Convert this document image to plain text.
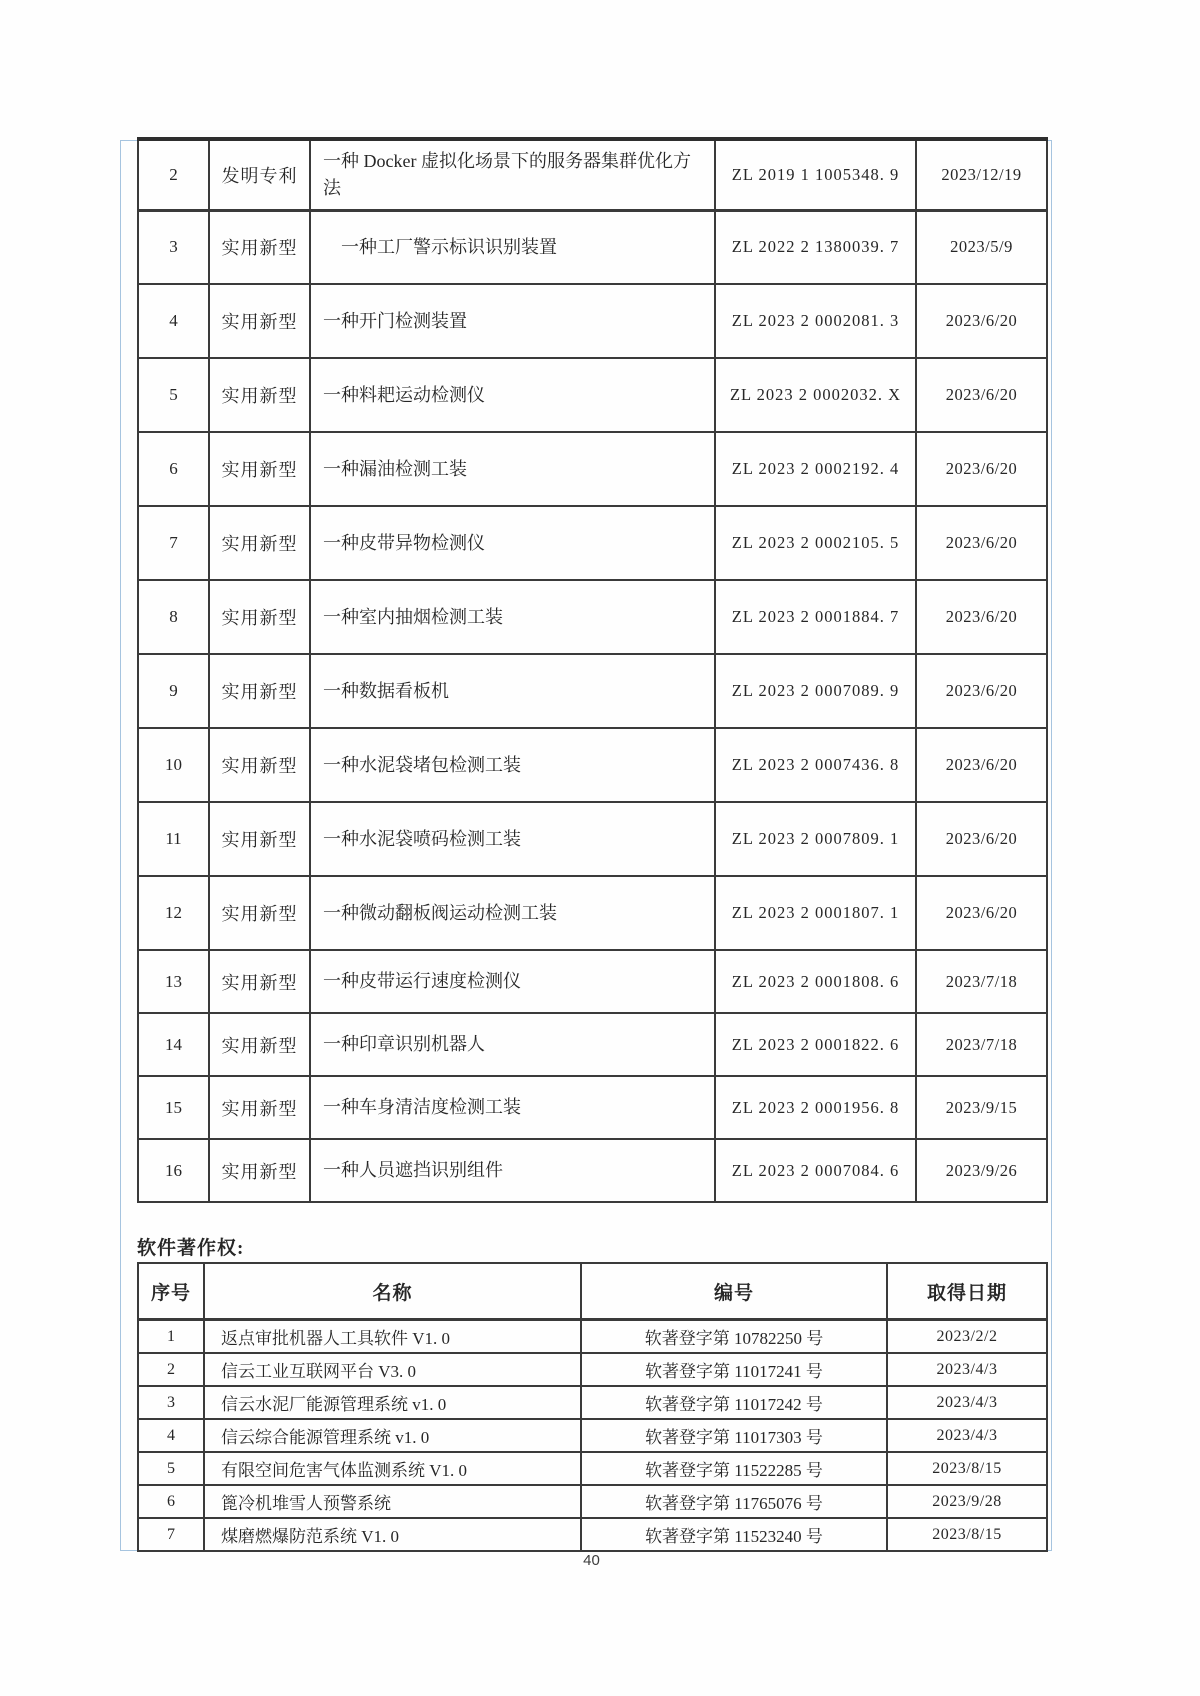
2	发明专利	一种 Docker 虚拟化场景下的服务器集群优化方法	ZL 2019 1 1005348. 9	2023/12/19
3	实用新型	　一种工厂警示标识识别装置	ZL 2022 2 1380039. 7	2023/5/9
4	实用新型	一种开门检测装置	ZL 2023 2 0002081. 3	2023/6/20
5	实用新型	一种料耙运动检测仪	ZL 2023 2 0002032. X	2023/6/20
6	实用新型	一种漏油检测工装	ZL 2023 2 0002192. 4	2023/6/20
7	实用新型	一种皮带异物检测仪	ZL 2023 2 0002105. 5	2023/6/20
8	实用新型	一种室内抽烟检测工装	ZL 2023 2 0001884. 7	2023/6/20
9	实用新型	一种数据看板机	ZL 2023 2 0007089. 9	2023/6/20
10	实用新型	一种水泥袋堵包检测工装	ZL 2023 2 0007436. 8	2023/6/20
11	实用新型	一种水泥袋喷码检测工装	ZL 2023 2 0007809. 1	2023/6/20
12	实用新型	一种微动翻板阀运动检测工装	ZL 2023 2 0001807. 1	2023/6/20
13	实用新型	一种皮带运行速度检测仪	ZL 2023 2 0001808. 6	2023/7/18
14	实用新型	一种印章识别机器人	ZL 2023 2 0001822. 6	2023/7/18
15	实用新型	一种车身清洁度检测工装	ZL 2023 2 0001956. 8	2023/9/15
16	实用新型	一种人员遮挡识别组件	ZL 2023 2 0007084. 6	2023/9/26
软件著作权:
序号	名称	编号	取得日期
1	返点审批机器人工具软件 V1. 0	软著登字第 10782250 号	2023/2/2
2	信云工业互联网平台 V3. 0	软著登字第 11017241 号	2023/4/3
3	信云水泥厂能源管理系统 v1. 0	软著登字第 11017242 号	2023/4/3
4	信云综合能源管理系统 v1. 0	软著登字第 11017303 号	2023/4/3
5	有限空间危害气体监测系统 V1. 0	软著登字第 11522285 号	2023/8/15
6	篦冷机堆雪人预警系统	软著登字第 11765076 号	2023/9/28
7	煤磨燃爆防范系统 V1. 0	软著登字第 11523240 号	2023/8/15
40
